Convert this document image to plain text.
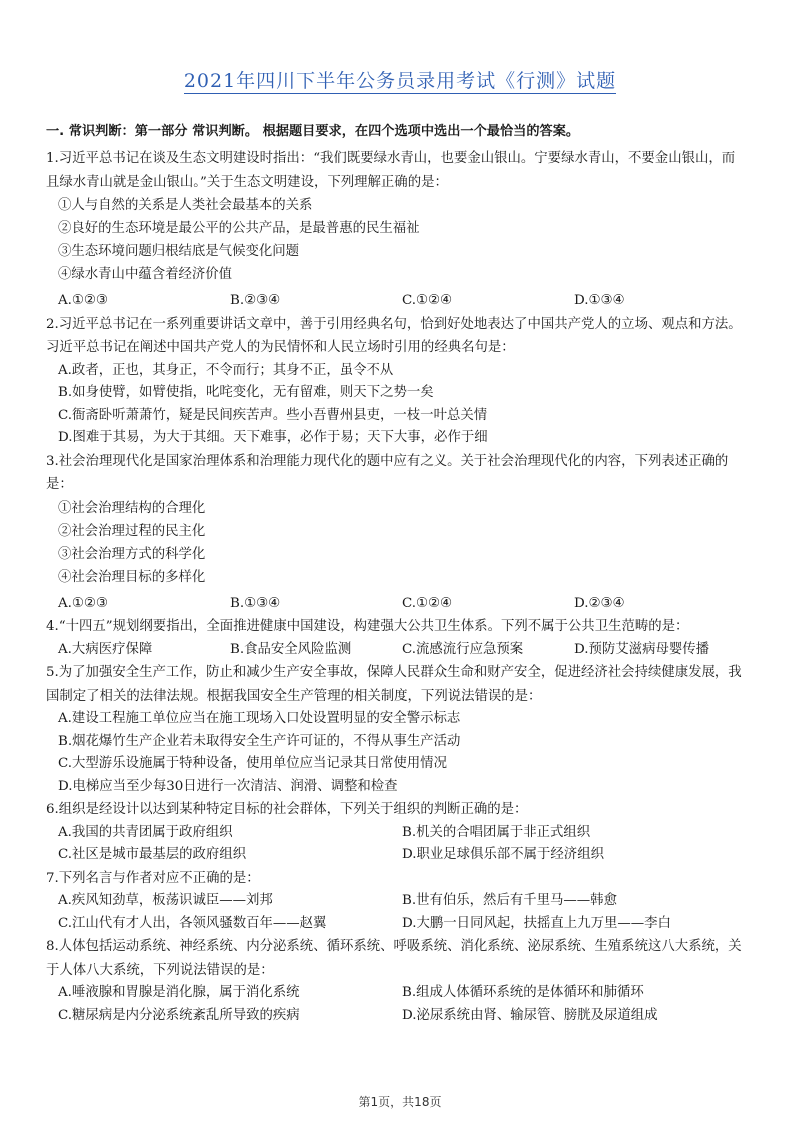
2021年四川下半年公务员录用考试《行测》试题
一. 常识判断：第一部分 常识判断。 根据题目要求，在四个选项中选出一个最恰当的答案。
1.习近平总书记在谈及生态文明建设时指出：“我们既要绿水青山，也要金山银山。宁要绿水青山，不要金山银山，而且绿水青山就是金山银山。”关于生态文明建设，下列理解正确的是：
①人与自然的关系是人类社会最基本的关系
②良好的生态环境是最公平的公共产品，是最普惠的民生福祉
③生态环境问题归根结底是气候变化问题
④绿水青山中蕴含着经济价值
A.①②③	B.②③④	C.①②④	D.①③④
2.习近平总书记在一系列重要讲话文章中，善于引用经典名句，恰到好处地表达了中国共产党人的立场、观点和方法。习近平总书记在阐述中国共产党人的为民情怀和人民立场时引用的经典名句是：
A.政者，正也，其身正，不令而行；其身不正，虽令不从
B.如身使臂，如臂使指，叱咤变化，无有留难，则天下之势一矣
C.衙斋卧听萧萧竹，疑是民间疾苦声。些小吾曹州县吏，一枝一叶总关情
D.图难于其易，为大于其细。天下难事，必作于易；天下大事，必作于细
3.社会治理现代化是国家治理体系和治理能力现代化的题中应有之义。关于社会治理现代化的内容，下列表述正确的是：
①社会治理结构的合理化
②社会治理过程的民主化
③社会治理方式的科学化
④社会治理目标的多样化
A.①②③	B.①③④	C.①②④	D.②③④
4.“十四五”规划纲要指出，全面推进健康中国建设，构建强大公共卫生体系。下列不属于公共卫生范畴的是：
A.大病医疗保障	B.食品安全风险监测	C.流感流行应急预案	D.预防艾滋病母婴传播
5.为了加强安全生产工作，防止和减少生产安全事故，保障人民群众生命和财产安全，促进经济社会持续健康发展，我国制定了相关的法律法规。根据我国安全生产管理的相关制度，下列说法错误的是：
A.建设工程施工单位应当在施工现场入口处设置明显的安全警示标志
B.烟花爆竹生产企业若未取得安全生产许可证的，不得从事生产活动
C.大型游乐设施属于特种设备，使用单位应当记录其日常使用情况
D.电梯应当至少每30日进行一次清洁、润滑、调整和检查
6.组织是经设计以达到某种特定目标的社会群体，下列关于组织的判断正确的是：
A.我国的共青团属于政府组织	B.机关的合唱团属于非正式组织
C.社区是城市最基层的政府组织	D.职业足球俱乐部不属于经济组织
7.下列名言与作者对应不正确的是：
A.疾风知劲草，板荡识诚臣——刘邦	B.世有伯乐，然后有千里马——韩愈
C.江山代有才人出，各领风骚数百年——赵翼	D.大鹏一日同风起，扶摇直上九万里——李白
8.人体包括运动系统、神经系统、内分泌系统、循环系统、呼吸系统、消化系统、泌尿系统、生殖系统这八大系统，关于人体八大系统，下列说法错误的是：
A.唾液腺和胃腺是消化腺，属于消化系统	B.组成人体循环系统的是体循环和肺循环
C.糖尿病是内分泌系统紊乱所导致的疾病	D.泌尿系统由肾、输尿管、膀胱及尿道组成
第1页，共18页
